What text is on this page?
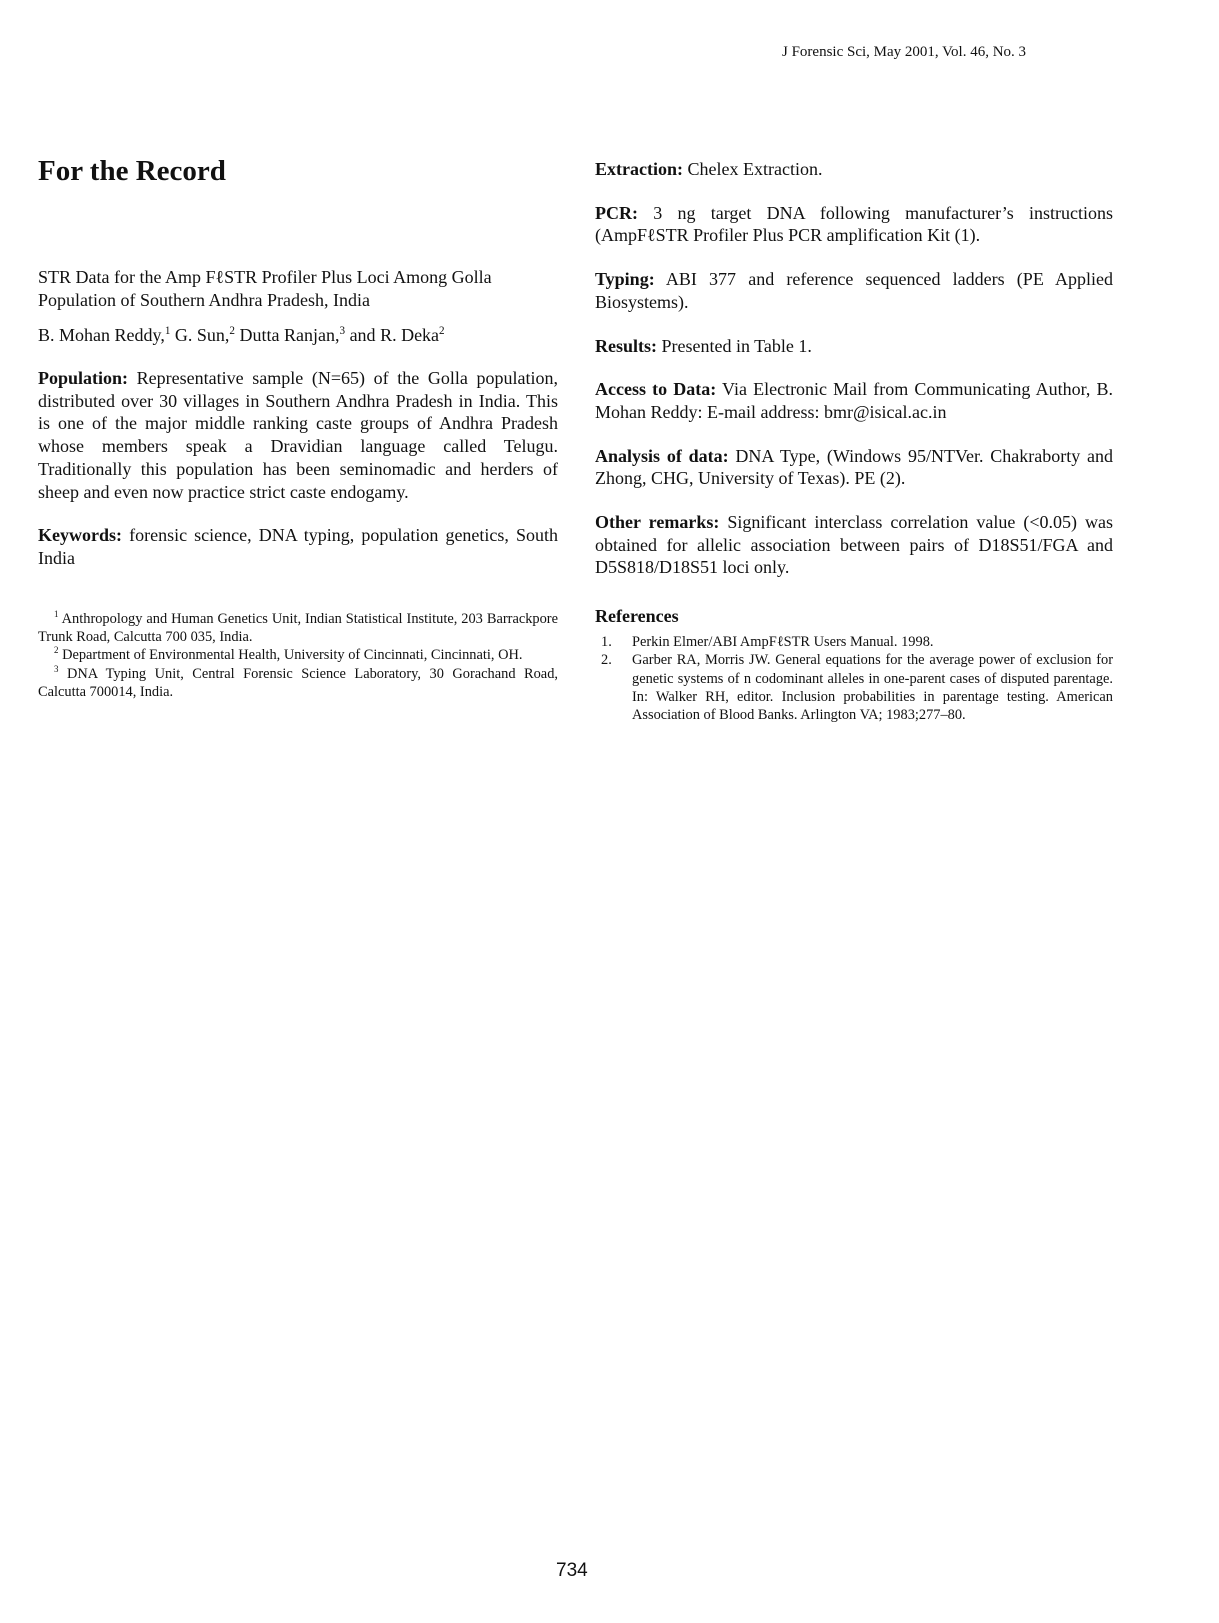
J Forensic Sci, May 2001, Vol. 46, No. 3
For the Record

STR Data for the Amp FℓSTR Profiler Plus Loci Among Golla Population of Southern Andhra Pradesh, India

B. Mohan Reddy,$^1$ G. Sun,$^2$ Dutta Ranjan,$^3$ and R. Deka$^2$

Population: Representative sample (N=65) of the Golla population, distributed over 30 villages in Southern Andhra Pradesh in India. This is one of the major middle ranking caste groups of Andhra Pradesh whose members speak a Dravidian language called Telugu. Traditionally this population has been seminomadic and herders of sheep and even now practice strict caste endogamy.

Keywords: forensic science, DNA typing, population genetics, South India

$^1$ Anthropology and Human Genetics Unit, Indian Statistical Institute, 203 Barrackpore Trunk Road, Calcutta 700 035, India.

$^2$ Department of Environmental Health, University of Cincinnati, Cincinnati, OH.

$^3$ DNA Typing Unit, Central Forensic Science Laboratory, 30 Gorachand Road, Calcutta 700014, India.

Extraction: Chelex Extraction.

PCR: 3 ng target DNA following manufacturer’s instructions (AmpFℓSTR Profiler Plus PCR amplification Kit (1).

Typing: ABI 377 and reference sequenced ladders (PE Applied Biosystems).

Results: Presented in Table 1.

Access to Data: Via Electronic Mail from Communicating Author, B. Mohan Reddy: E-mail address: bmr@isical.ac.in

Analysis of data: DNA Type, (Windows 95/NTVer. Chakraborty and Zhong, CHG, University of Texas). PE (2).

Other remarks: Significant interclass correlation value (<0.05) was obtained for allelic association between pairs of D18S51/FGA and D5S818/D18S51 loci only.

References
1. Perkin Elmer/ABI AmpFℓSTR Users Manual. 1998.
2. Garber RA, Morris JW. General equations for the average power of exclusion for genetic systems of n codominant alleles in one-parent cases of disputed parentage. In: Walker RH, editor. Inclusion probabilities in parentage testing. American Association of Blood Banks. Arlington VA; 1983;277–80.
734
